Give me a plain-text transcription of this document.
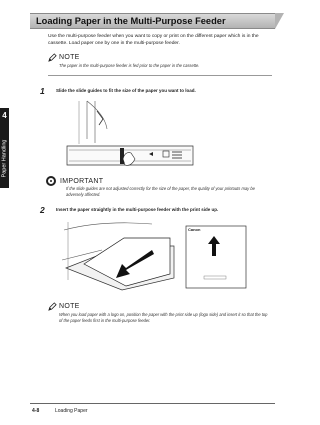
4
Paper Handling
Loading Paper in the Multi-Purpose Feeder

Use the multi-purpose feeder when you want to copy or print on the different paper which is in the cassette. Load paper one by one in the multi-purpose feeder.

NOTE

The paper in the multi-purpose feeder is fed prior to the paper in the cassette.

1	Slide the slide guides to fit the size of the paper you want to load.
IMPORTANT

If the slide guides are not adjusted correctly for the size of the paper, the quality of your printouts may be adversely affected.

2	Insert the paper straightly in the multi-purpose feeder with the print side up.
Canon
NOTE

When you load paper with a logo on, position the paper with the print side up (logo side) and insert it so that the top of the paper feeds first in the multi-purpose feeder.

4-8	Loading Paper
